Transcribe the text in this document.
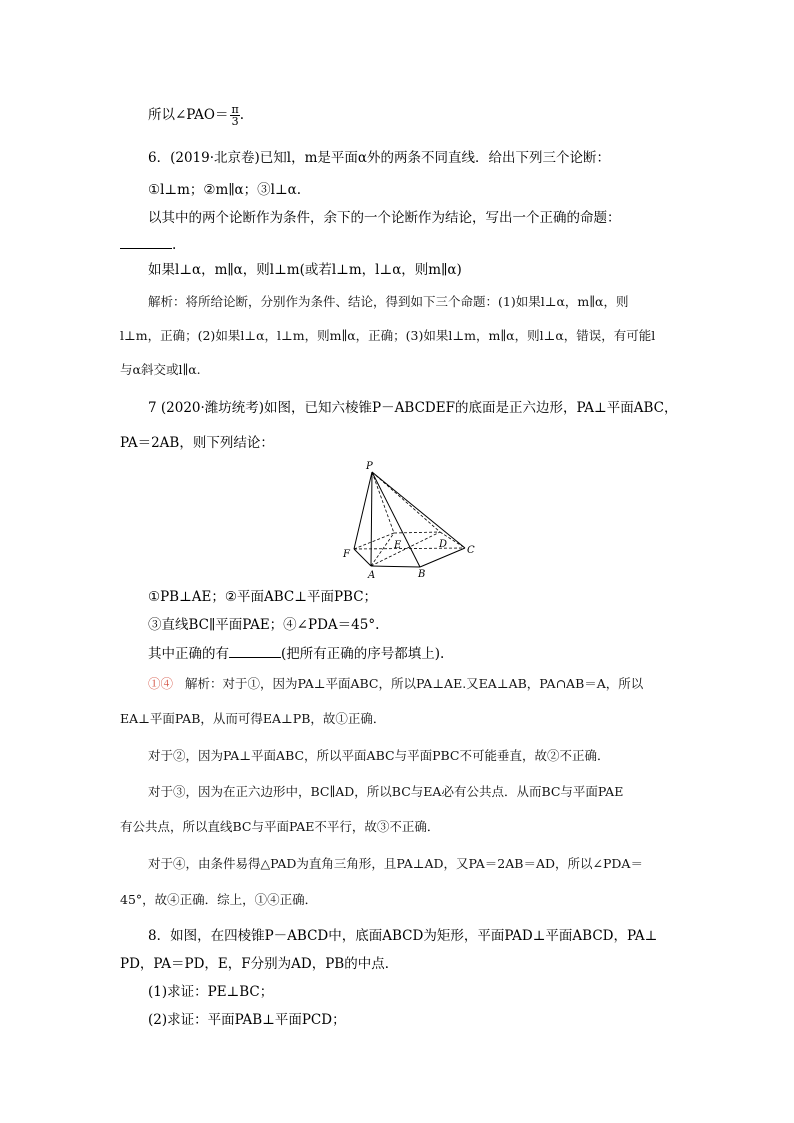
所以∠PAO＝ $\frac{\pi}{3}$ .
6．(2019·北京卷)已知l，m是平面α外的两条不同直线．给出下列三个论断：
①l⊥m；②m∥α；③l⊥α.
以其中的两个论断作为条件，余下的一个论断作为结论，写出一个正确的命题：
.
如果l⊥α，m∥α，则l⊥m(或若l⊥m，l⊥α，则m∥α)
解析：将所给论断，分别作为条件、结论，得到如下三个命题：(1)如果l⊥α，m∥α，则
l⊥m，正确；(2)如果l⊥α，l⊥m，则m∥α，正确；(3)如果l⊥m，m∥α，则l⊥α，错误，有可能l
与α斜交或l∥α.
7 (2020·潍坊统考)如图，已知六棱锥P－ABCDEF的底面是正六边形，PA⊥平面ABC，
PA＝2AB，则下列结论：
P
F
A	B
C
D
E
①PB⊥AE；②平面ABC⊥平面PBC；
③直线BC∥平面PAE；④∠PDA＝45°.
其中正确的有	(把所有正确的序号都填上).
①④ 解析：对于①，因为PA⊥平面ABC，所以PA⊥AE.又EA⊥AB，PA∩AB＝A，所以
EA⊥平面PAB，从而可得EA⊥PB，故①正确．
对于②，因为PA⊥平面ABC，所以平面ABC与平面PBC不可能垂直，故②不正确．
对于③，因为在正六边形中，BC∥AD，所以BC与EA必有公共点．从而BC与平面PAE
有公共点，所以直线BC与平面PAE不平行，故③不正确．
对于④，由条件易得△PAD为直角三角形，且PA⊥AD，又PA＝2AB＝AD，所以∠PDA＝
45°，故④正确．综上，①④正确．
8．如图，在四棱锥P－ABCD中，底面ABCD为矩形，平面PAD⊥平面ABCD，PA⊥
PD，PA＝PD，E，F分别为AD，PB的中点．
(1)求证：PE⊥BC；
(2)求证：平面PAB⊥平面PCD；
